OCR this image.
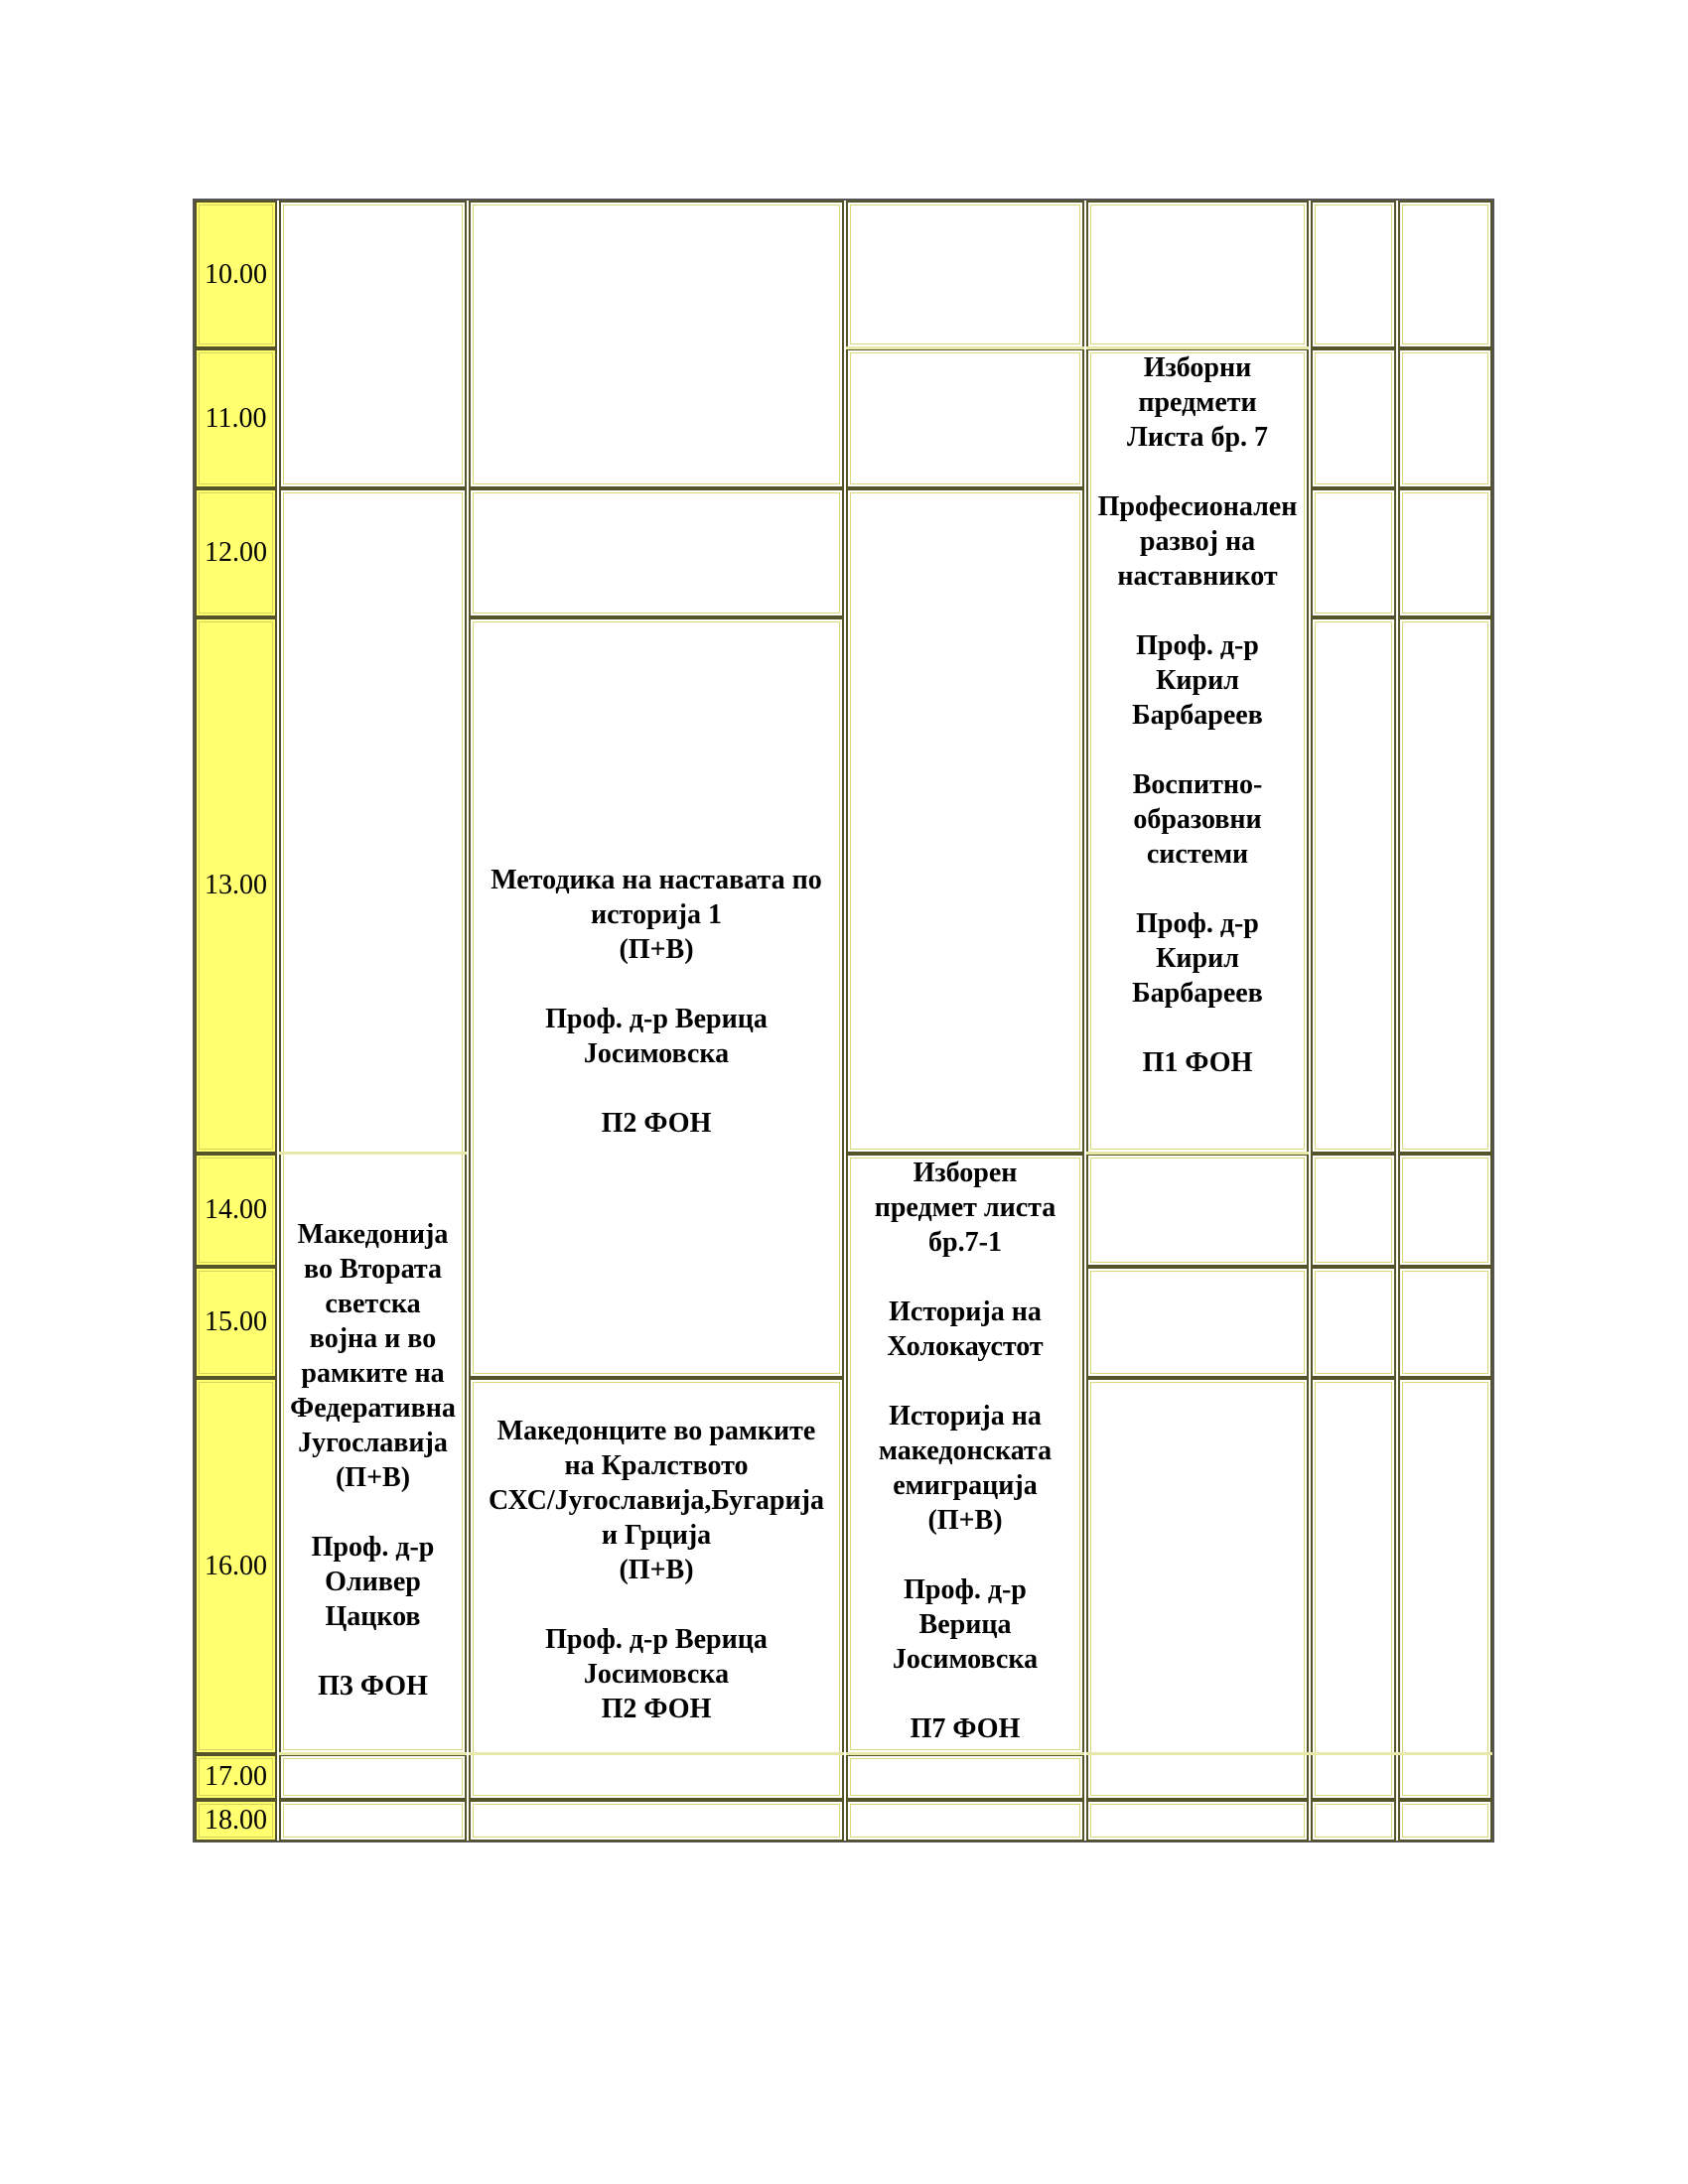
10.00
11.00
12.00
13.00
14.00
15.00
16.00
17.00
18.00
Македонија
во Втората
светска
војна и во
рамките на
Федеративна
Југославија
(П+В)

Проф. д-р
Оливер
Цацков

П3 ФОН
Методика на наставата по
историја 1
(П+В)

Проф. д-р Верица
Јосимовска

П2 ФОН
Македонците во рамките
на Кралството
СХС/Југославија,Бугарија
и Грција
(П+В)

Проф. д-р Верица
Јосимовска
П2 ФОН
Изборен
предмет листа
бр.7-1

Историја на
Холокаустот

Историја на
македонската
емиграција
(П+В)

Проф. д-р
Верица
Јосимовска

П7 ФОН
Изборни
предмети
Листа бр. 7

Професионален
развој на
наставникот

Проф. д-р
Кирил
Барбареев

Воспитно-
образовни
системи

Проф. д-р
Кирил
Барбареев

П1 ФОН
